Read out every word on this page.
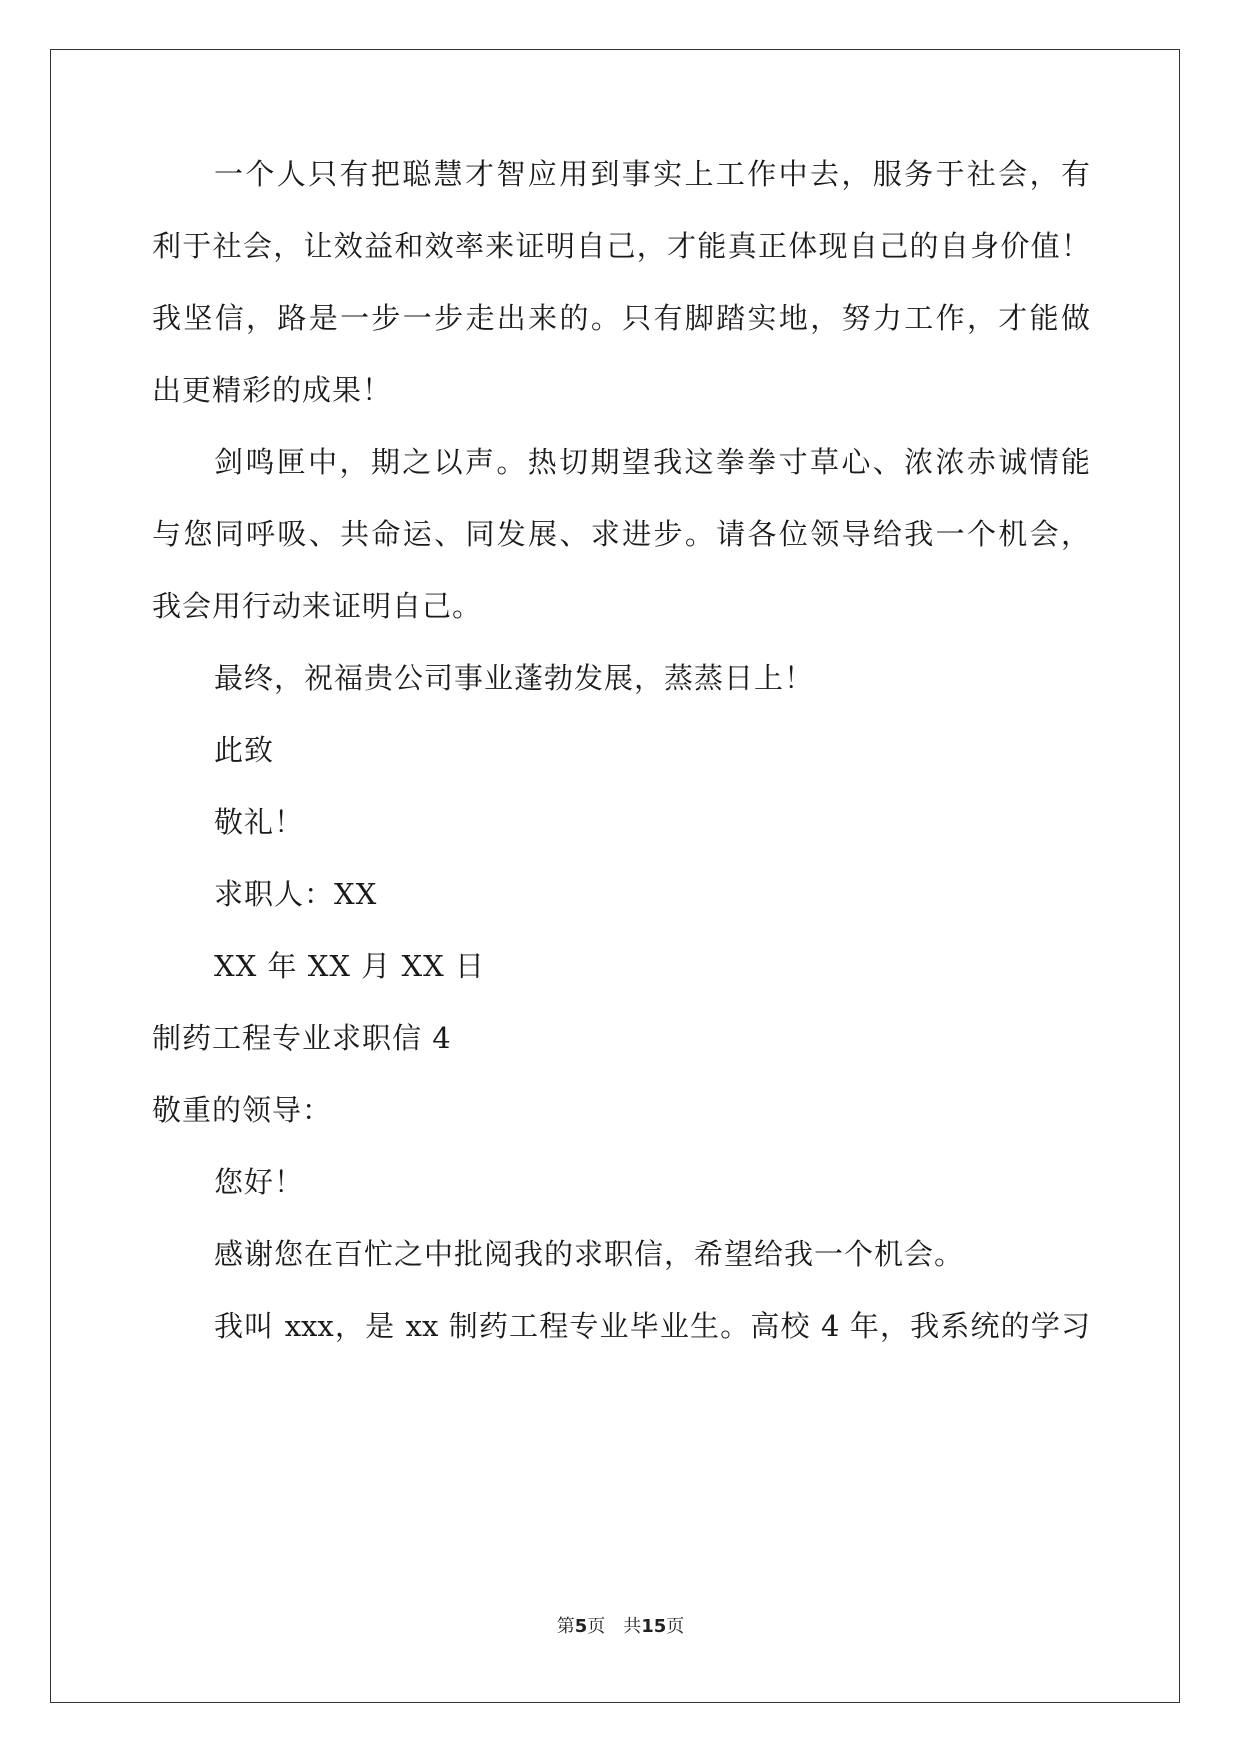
一个人只有把聪慧才智应用到事实上工作中去，服务于社会，有
利于社会，让效益和效率来证明自己，才能真正体现自己的自身价值！
我坚信，路是一步一步走出来的。只有脚踏实地，努力工作，才能做
出更精彩的成果！
剑鸣匣中，期之以声。热切期望我这拳拳寸草心、浓浓赤诚情能
与您同呼吸、共命运、同发展、求进步。请各位领导给我一个机会，
我会用行动来证明自己。
最终，祝福贵公司事业蓬勃发展，蒸蒸日上！
此致
敬礼！
求职人：XX
XX 年 XX 月 XX 日
制药工程专业求职信 4
敬重的领导：
您好！
感谢您在百忙之中批阅我的求职信，希望给我一个机会。
我叫 xxx，是 xx 制药工程专业毕业生。高校 4 年，我系统的学习
第5页 共15页
